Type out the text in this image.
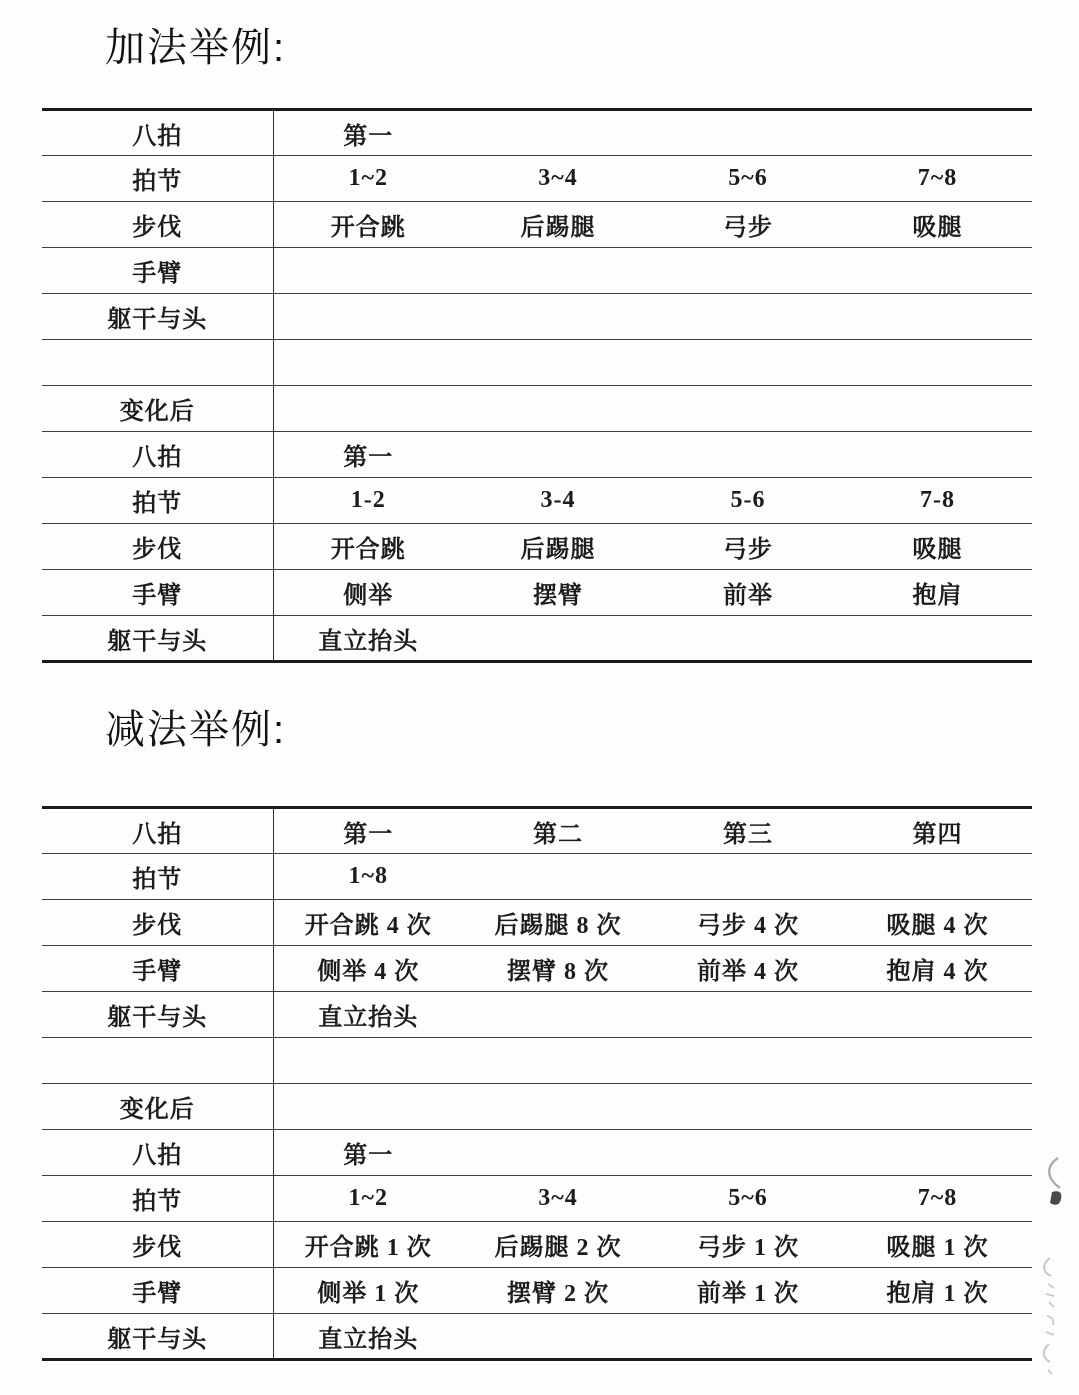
加法举例:
八拍	第一			
拍节	1~2	3~4	5~6	7~8
步伐	开合跳	后踢腿	弓步	吸腿
手臂				
躯干与头				

变化后				
八拍	第一			
拍节	1-2	3-4	5-6	7-8
步伐	开合跳	后踢腿	弓步	吸腿
手臂	侧举	摆臂	前举	抱肩
躯干与头	直立抬头			
减法举例:
八拍	第一	第二	第三	第四
拍节	1~8			
步伐	开合跳 4 次	后踢腿 8 次	弓步 4 次	吸腿 4 次
手臂	侧举 4 次	摆臂 8 次	前举 4 次	抱肩 4 次
躯干与头	直立抬头			

变化后				
八拍	第一			
拍节	1~2	3~4	5~6	7~8
步伐	开合跳 1 次	后踢腿 2 次	弓步 1 次	吸腿 1 次
手臂	侧举 1 次	摆臂 2 次	前举 1 次	抱肩 1 次
躯干与头	直立抬头			
